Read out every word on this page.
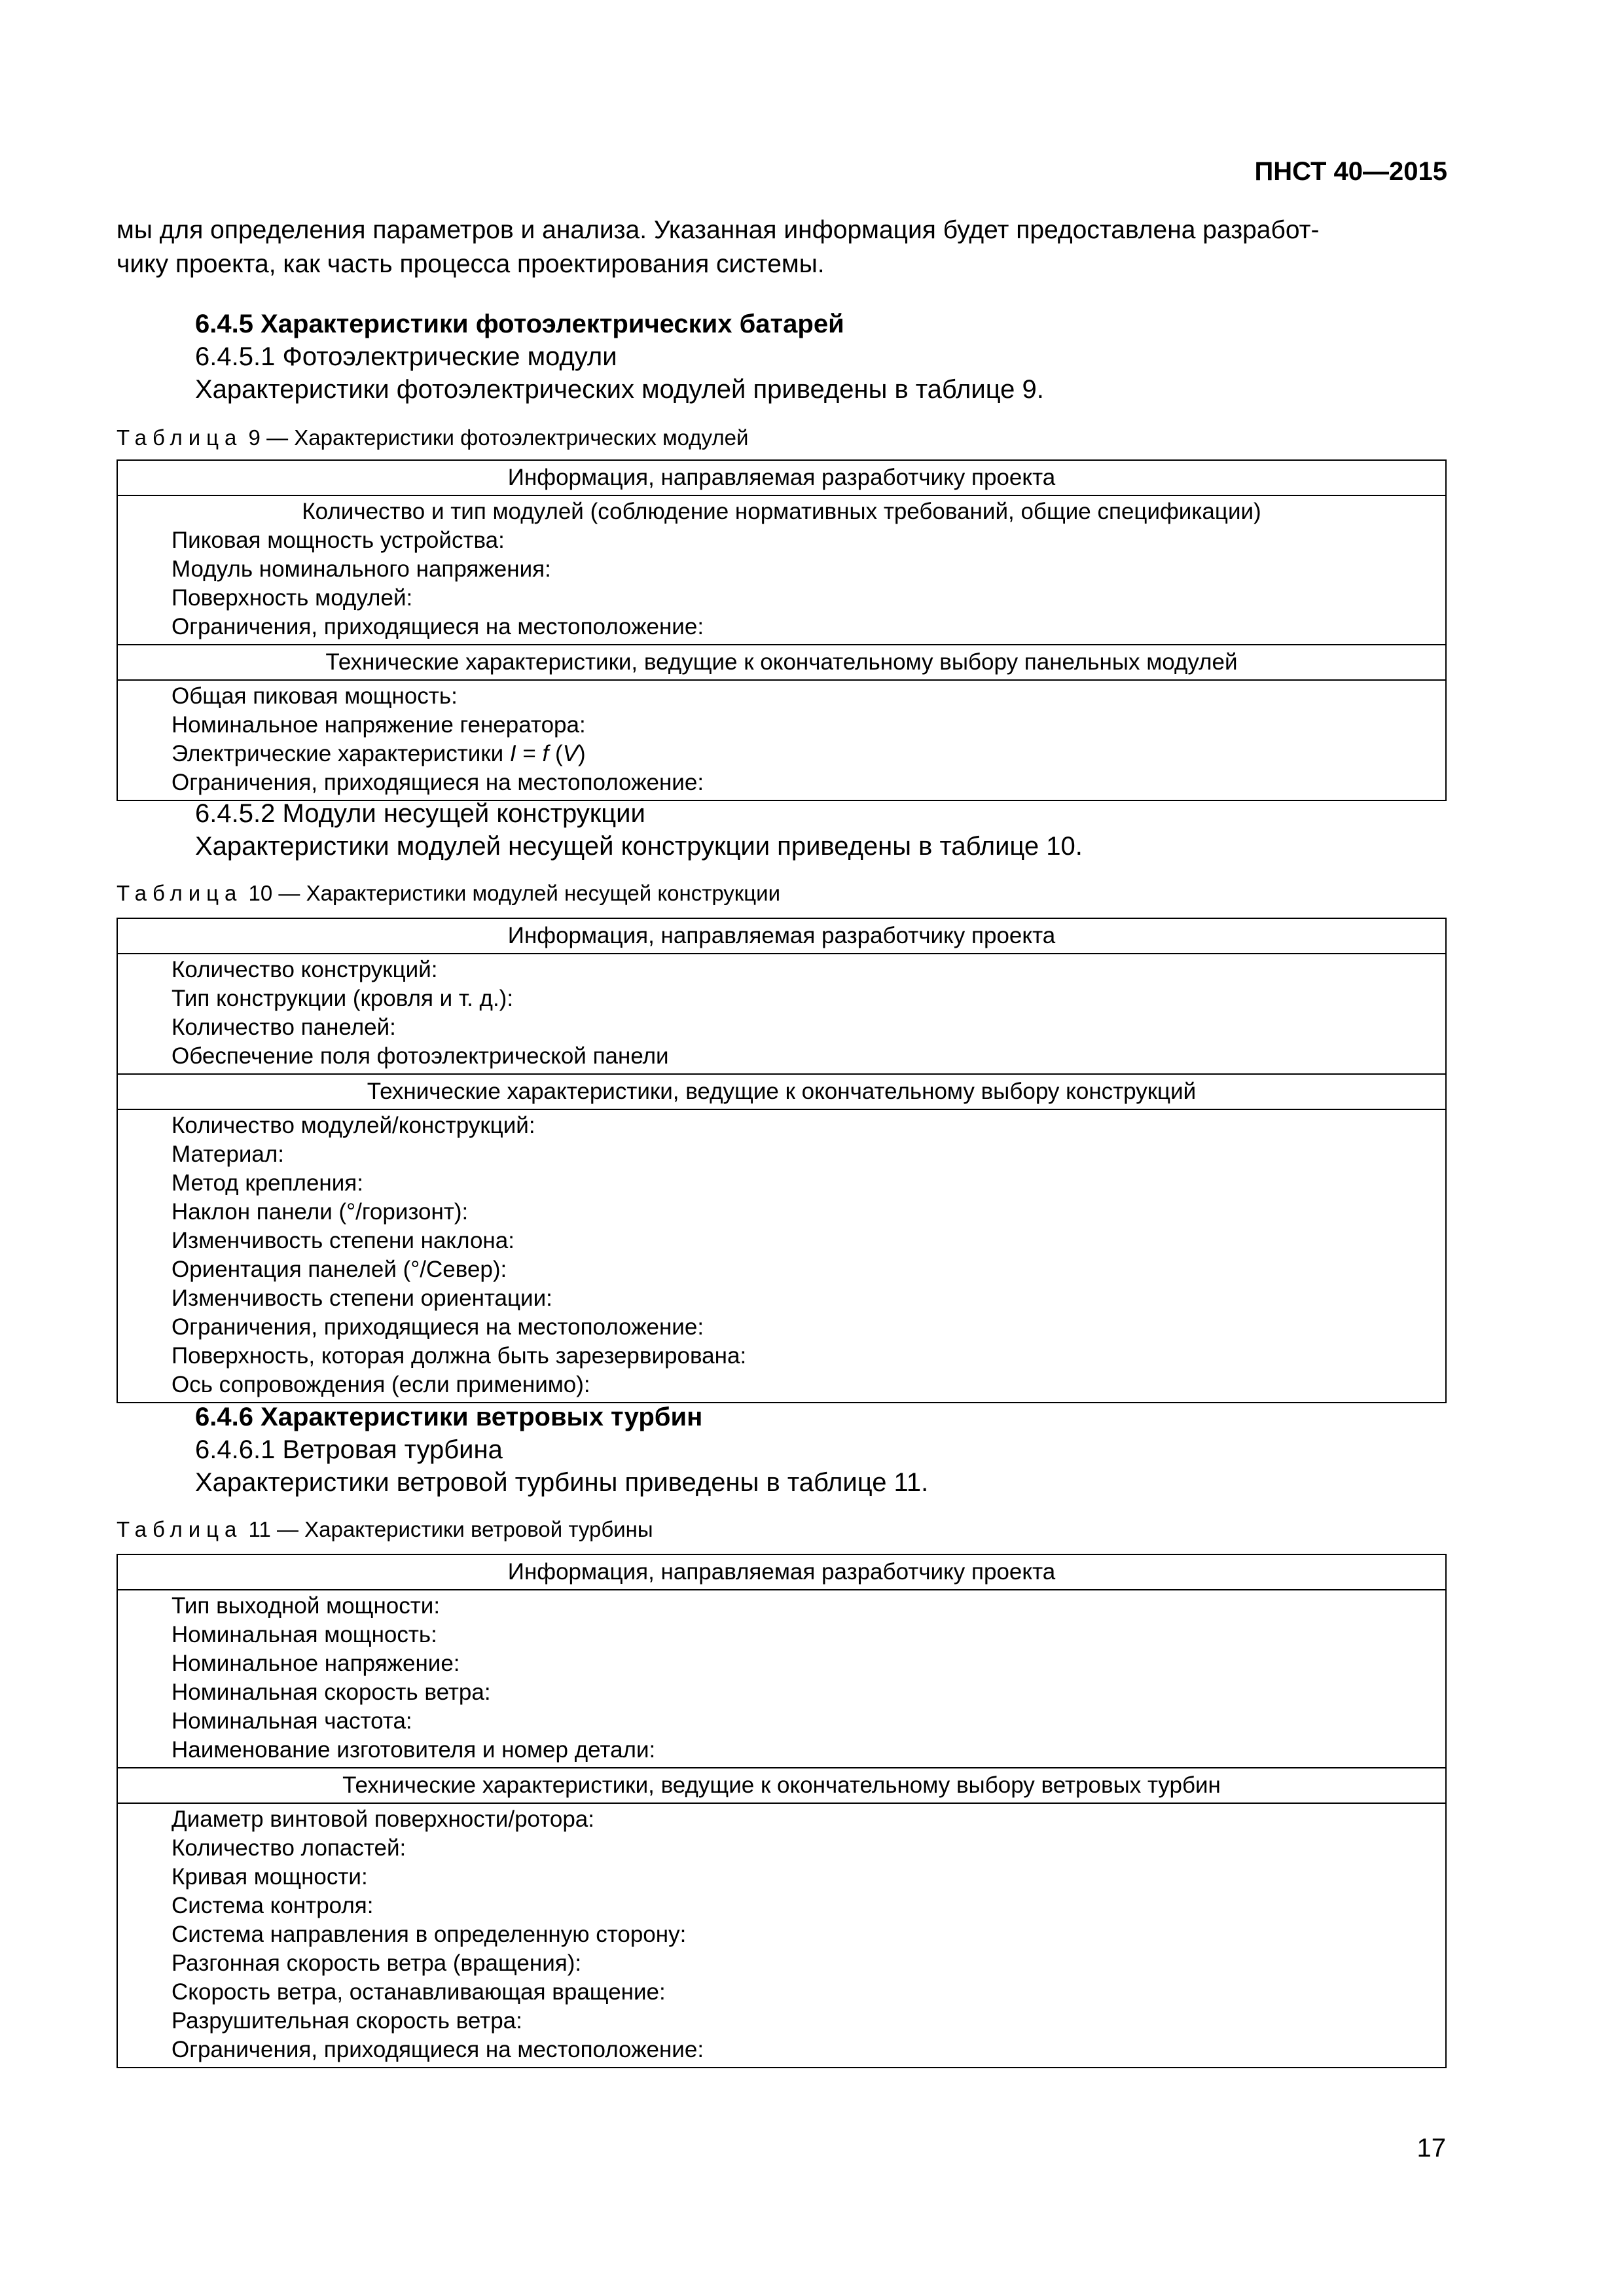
ПНСТ 40—2015
мы для определения параметров и анализа. Указанная информация будет предоставлена разработ-
чику проекта, как часть процесса проектирования системы.
6.4.5 Характеристики фотоэлектрических батарей
6.4.5.1 Фотоэлектрические модули
Характеристики фотоэлектрических модулей приведены в таблице 9.
Таблица 9 — Характеристики фотоэлектрических модулей
Информация, направляемая разработчику проекта

Количество и тип модулей (соблюдение нормативных требований, общие спецификации)
Пиковая мощность устройства:
Модуль номинального напряжения:
Поверхность модулей:
Ограничения, приходящиеся на местоположение:

Технические характеристики, ведущие к окончательному выбору панельных модулей

Общая пиковая мощность:
Номинальное напряжение генератора:
Электрические характеристики I = f (V)
Ограничения, приходящиеся на местоположение:
6.4.5.2 Модули несущей конструкции
Характеристики модулей несущей конструкции приведены в таблице 10.
Таблица 10 — Характеристики модулей несущей конструкции
Информация, направляемая разработчику проекта

Количество конструкций:
Тип конструкции (кровля и т. д.):
Количество панелей:
Обеспечение поля фотоэлектрической панели

Технические характеристики, ведущие к окончательному выбору конструкций

Количество модулей/конструкций:
Материал:
Метод крепления:
Наклон панели (°/горизонт):
Изменчивость степени наклона:
Ориентация панелей (°/Север):
Изменчивость степени ориентации:
Ограничения, приходящиеся на местоположение:
Поверхность, которая должна быть зарезервирована:
Ось сопровождения (если применимо):
6.4.6 Характеристики ветровых турбин
6.4.6.1 Ветровая турбина
Характеристики ветровой турбины приведены в таблице 11.
Таблица 11 — Характеристики ветровой турбины
Информация, направляемая разработчику проекта

Тип выходной мощности:
Номинальная мощность:
Номинальное напряжение:
Номинальная скорость ветра:
Номинальная частота:
Наименование изготовителя и номер детали:

Технические характеристики, ведущие к окончательному выбору ветровых турбин

Диаметр винтовой поверхности/ротора:
Количество лопастей:
Кривая мощности:
Система контроля:
Система направления в определенную сторону:
Разгонная скорость ветра (вращения):
Скорость ветра, останавливающая вращение:
Разрушительная скорость ветра:
Ограничения, приходящиеся на местоположение:
17
